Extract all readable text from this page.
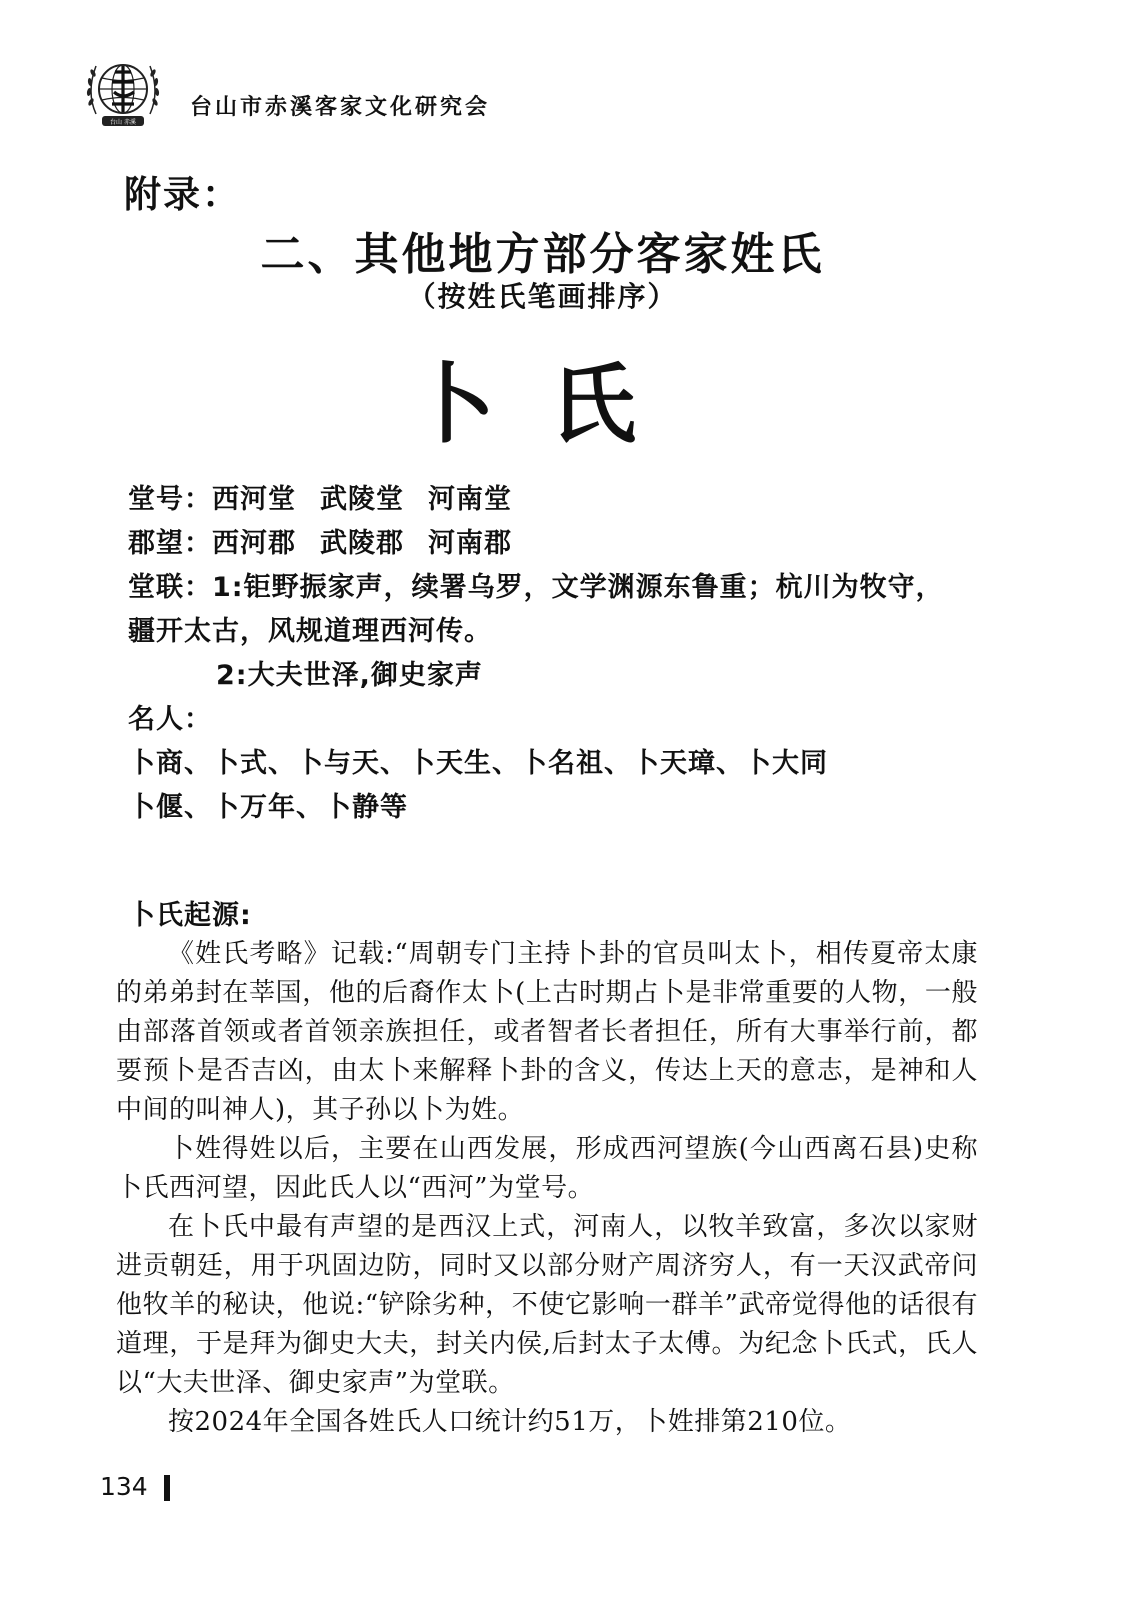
台山 赤溪
台山市赤溪客家文化研究会
附录：
二、其他地方部分客家姓氏
（按姓氏笔画排序）
卜氏
堂号：西河堂 武陵堂 河南堂
郡望：西河郡 武陵郡 河南郡
堂联：1:钜野振家声，续署乌罗，文学渊源东鲁重；杭川为牧守，
疆开太古，风规道理西河传。
2:大夫世泽,御史家声
名人：
卜商、卜式、卜与天、卜天生、卜名祖、卜天璋、卜大同
卜偃、卜万年、卜静等
卜氏起源:

《姓氏考略》记载:“周朝专门主持卜卦的官员叫太卜，相传夏帝太康的弟弟封在莘国，他的后裔作太卜(上古时期占卜是非常重要的人物，一般由部落首领或者首领亲族担任，或者智者长者担任，所有大事举行前，都要预卜是否吉凶，由太卜来解释卜卦的含义，传达上天的意志，是神和人中间的叫神人)，其子孙以卜为姓。

卜姓得姓以后，主要在山西发展，形成西河望族(今山西离石县)史称卜氏西河望，因此氏人以“西河”为堂号。

在卜氏中最有声望的是西汉上式，河南人，以牧羊致富，多次以家财进贡朝廷，用于巩固边防，同时又以部分财产周济穷人，有一天汉武帝问他牧羊的秘诀，他说:“铲除劣种，不使它影响一群羊”武帝觉得他的话很有道理，于是拜为御史大夫，封关内侯,后封太子太傅。为纪念卜氏式，氏人以“大夫世泽、御史家声”为堂联。

按2024年全国各姓氏人口统计约51万，卜姓排第210位。

134
